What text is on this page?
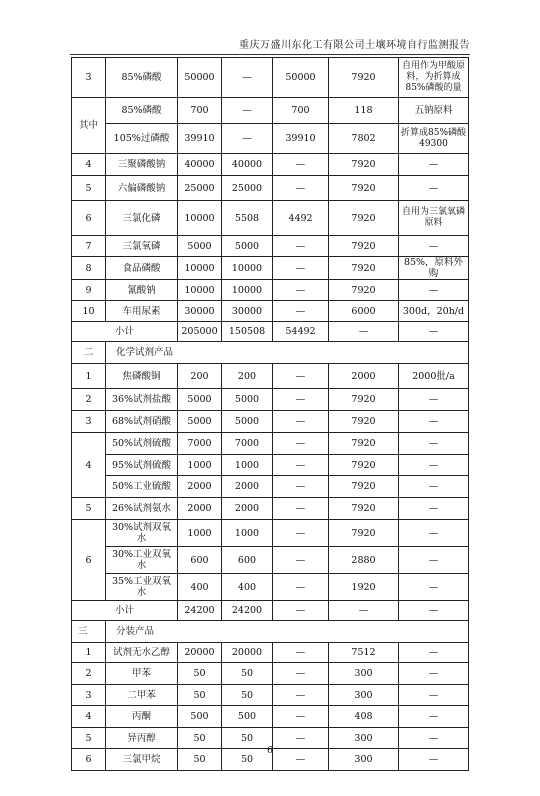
重庆万盛川东化工有限公司土壤环境自行监测报告
3	85%磷酸	50000	—	50000	7920	自用作为甲酸原料，为折算成85%磷酸的量
其中	85%磷酸	700	—	700	118	五钠原料
	105%过磷酸	39910	—	39910	7802	折算成85%磷酸49300
4	三聚磷酸钠	40000	40000	—	7920	—
5	六偏磷酸钠	25000	25000	—	7920	—
6	三氯化磷	10000	5508	4492	7920	自用为三氯氧磷原料
7	三氯氧磷	5000	5000	—	7920	—
8	食品磷酸	10000	10000	—	7920	85%，原料外购
9	氰酸钠	10000	10000	—	7920	—
10	车用尿素	30000	30000	—	6000	300d，20h/d
小计		205000	150508	54492	—	—
二	化学试剂产品					
1	焦磷酸铜	200	200	—	2000	2000批/a
2	36%试剂盐酸	5000	5000	—	7920	—
3	68%试剂硝酸	5000	5000	—	7920	—
4	50%试剂硫酸	7000	7000	—	7920	—
	95%试剂硫酸	1000	1000	—	7920	—
	50%工业硫酸	2000	2000	—	7920	—
5	26%试剂氨水	2000	2000	—	7920	—
6	30%试剂双氧水	1000	1000	—	7920	—
	30%工业双氧水	600	600	—	2880	—
	35%工业双氧水	400	400	—	1920	—
小计		24200	24200	—	—	—
三	分装产品					
1	试剂无水乙醇	20000	20000	—	7512	—
2	甲苯	50	50	—	300	—
3	二甲苯	50	50	—	300	—
4	丙酮	500	500	—	408	—
5	异丙醇	50	50	—	300	—
6	三氯甲烷	50	50	—	300	—
6
